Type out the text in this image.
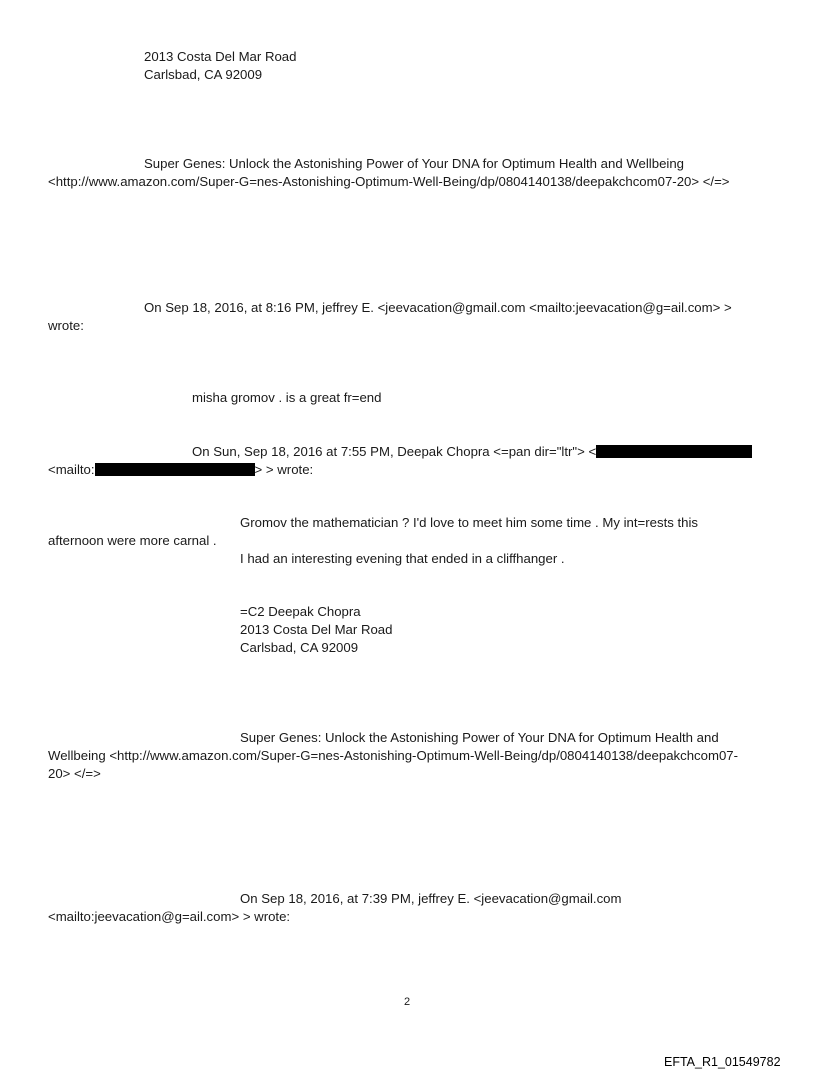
2013 Costa Del Mar Road
Carlsbad, CA 92009
Super Genes: Unlock the Astonishing Power of Your DNA for Optimum Health and Wellbeing
<http://www.amazon.com/Super-G=nes-Astonishing-Optimum-Well-Being/dp/0804140138/deepakchcom07-20> </=>
On Sep 18, 2016, at 8:16 PM, jeffrey E. <jeevacation@gmail.com <mailto:jeevacation@g=ail.com> >
wrote:
misha gromov . is a great fr=end
On Sun, Sep 18, 2016 at 7:55 PM, Deepak Chopra <=pan dir="ltr"> <
<mailto:	> > wrote:
Gromov the mathematician ? I'd love to meet him some time . My int=rests this
afternoon were more carnal .
I had an interesting evening that ended in a cliffhanger .
=C2 Deepak Chopra
2013 Costa Del Mar Road
Carlsbad, CA 92009
Super Genes: Unlock the Astonishing Power of Your DNA for Optimum Health and
Wellbeing <http://www.amazon.com/Super-G=nes-Astonishing-Optimum-Well-Being/dp/0804140138/deepakchcom07-
20> </=>
On Sep 18, 2016, at 7:39 PM, jeffrey E. <jeevacation@gmail.com
<mailto:jeevacation@g=ail.com> > wrote:
2
EFTA_R1_01549782
